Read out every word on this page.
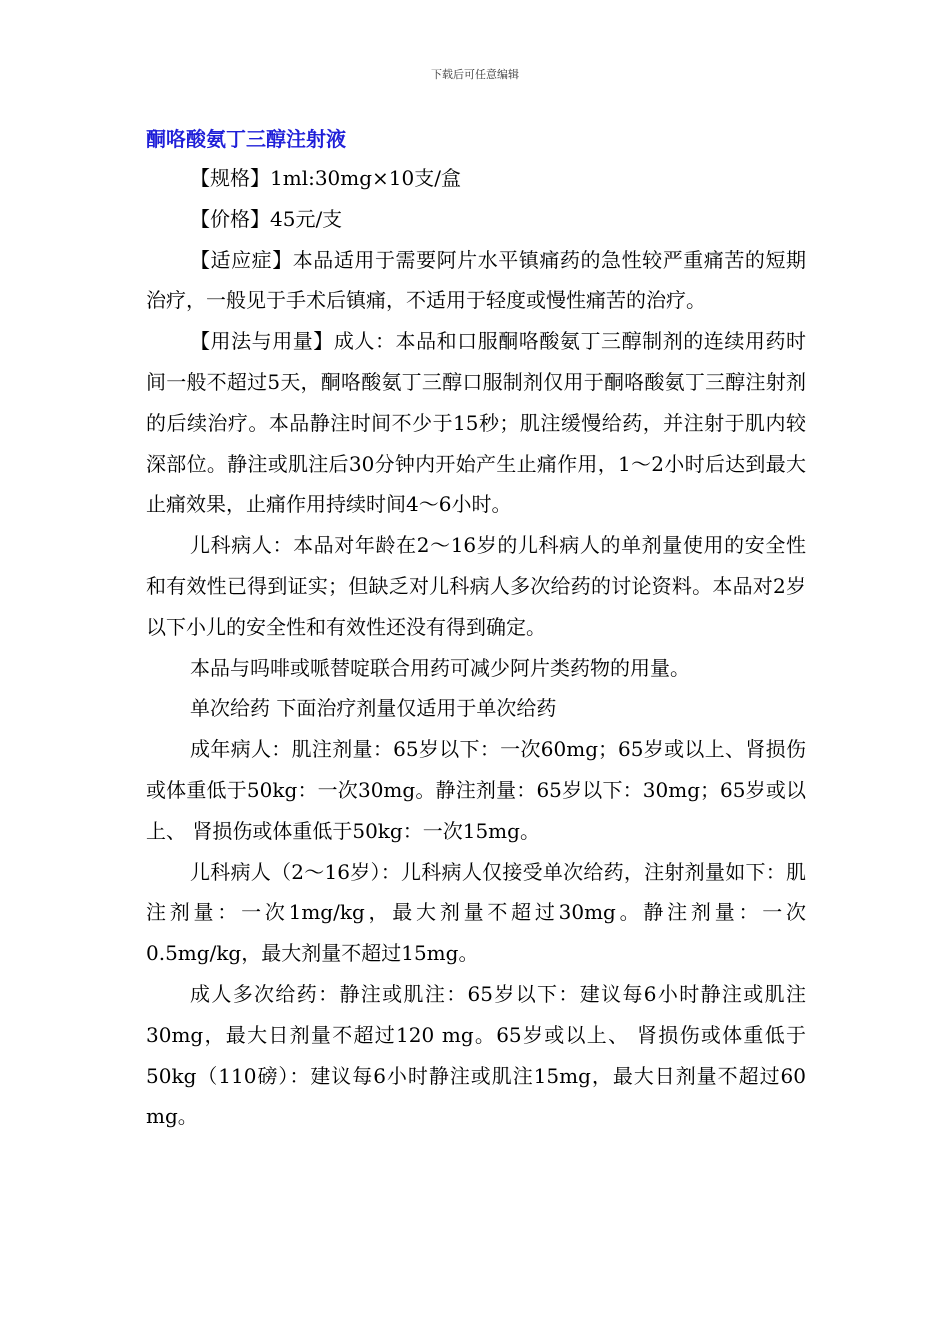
下载后可任意编辑
酮咯酸氨丁三醇注射液

【规格】1ml:30mg×10支/盒

【价格】45元/支

【适应症】本品适用于需要阿片水平镇痛药的急性较严重痛苦的短期治疗，一般见于手术后镇痛，不适用于轻度或慢性痛苦的治疗。

【用法与用量】成人：本品和口服酮咯酸氨丁三醇制剂的连续用药时间一般不超过5天，酮咯酸氨丁三醇口服制剂仅用于酮咯酸氨丁三醇注射剂的后续治疗。本品静注时间不少于15秒；肌注缓慢给药，并注射于肌内较深部位。静注或肌注后30分钟内开始产生止痛作用，1～2小时后达到最大止痛效果，止痛作用持续时间4～6小时。

儿科病人：本品对年龄在2～16岁的儿科病人的单剂量使用的安全性和有效性已得到证实；但缺乏对儿科病人多次给药的讨论资料。本品对2岁以下小儿的安全性和有效性还没有得到确定。

本品与吗啡或哌替啶联合用药可减少阿片类药物的用量。

单次给药 下面治疗剂量仅适用于单次给药

成年病人：肌注剂量：65岁以下：一次60mg；65岁或以上、肾损伤或体重低于50kg：一次30mg。静注剂量：65岁以下：30mg；65岁或以上、 肾损伤或体重低于50kg：一次15mg。

儿科病人（2～16岁）：儿科病人仅接受单次给药，注射剂量如下：肌注剂量：一次1mg/kg，最大剂量不超过30mg。静注剂量：一次0.5mg/kg，最大剂量不超过15mg。

成人多次给药：静注或肌注：65岁以下：建议每6小时静注或肌注30mg，最大日剂量不超过120 mg。65岁或以上、 肾损伤或体重低于50kg（110磅）：建议每6小时静注或肌注15mg，最大日剂量不超过60 mg。
